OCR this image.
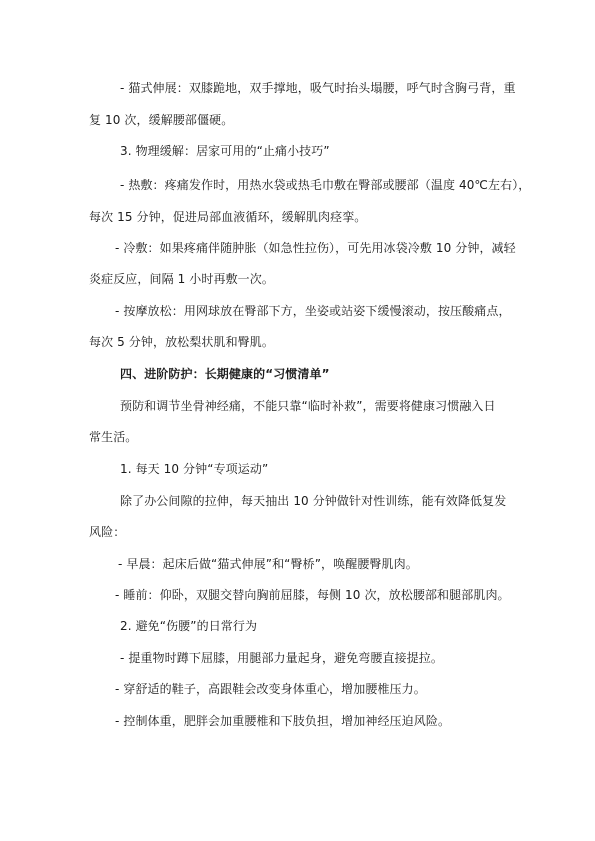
- 猫式伸展：双膝跪地，双手撑地，吸气时抬头塌腰，呼气时含胸弓背，重
复 10 次，缓解腰部僵硬。
3. 物理缓解：居家可用的“止痛小技巧”
- 热敷：疼痛发作时，用热水袋或热毛巾敷在臀部或腰部（温度 40℃左右），
每次 15 分钟，促进局部血液循环，缓解肌肉痉挛。
- 冷敷：如果疼痛伴随肿胀（如急性拉伤），可先用冰袋冷敷 10 分钟，减轻
炎症反应，间隔 1 小时再敷一次。
- 按摩放松：用网球放在臀部下方，坐姿或站姿下缓慢滚动，按压酸痛点，
每次 5 分钟，放松梨状肌和臀肌。
四、进阶防护：长期健康的“习惯清单”
预防和调节坐骨神经痛，不能只靠“临时补救”，需要将健康习惯融入日
常生活。
1. 每天 10 分钟“专项运动”
除了办公间隙的拉伸，每天抽出 10 分钟做针对性训练，能有效降低复发
风险：
- 早晨：起床后做“猫式伸展”和“臀桥”，唤醒腰臀肌肉。
- 睡前：仰卧，双腿交替向胸前屈膝，每侧 10 次，放松腰部和腿部肌肉。
2. 避免“伤腰”的日常行为
- 提重物时蹲下屈膝，用腿部力量起身，避免弯腰直接提拉。
- 穿舒适的鞋子，高跟鞋会改变身体重心，增加腰椎压力。
- 控制体重，肥胖会加重腰椎和下肢负担，增加神经压迫风险。
